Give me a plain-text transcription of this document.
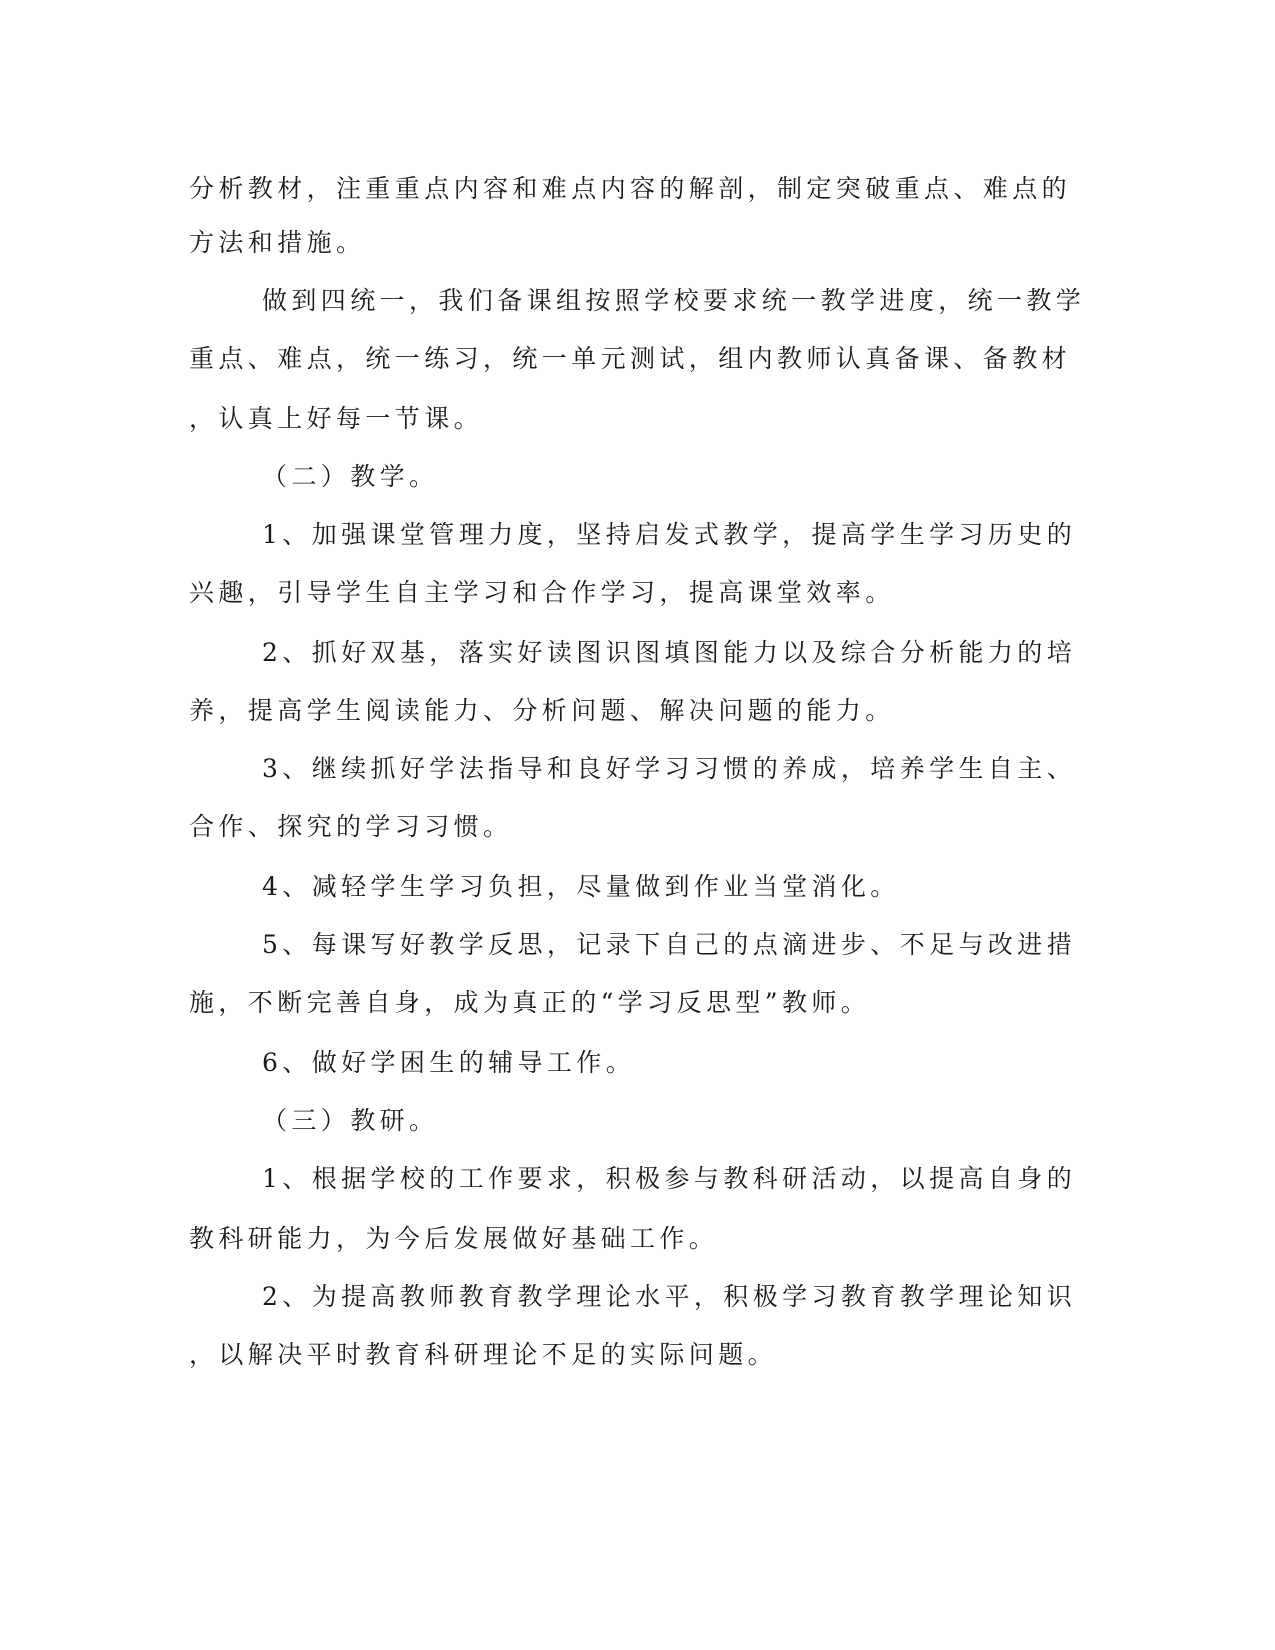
分析教材，注重重点内容和难点内容的解剖，制定突破重点、难点的
方法和措施。
做到四统一，我们备课组按照学校要求统一教学进度，统一教学
重点、难点，统一练习，统一单元测试，组内教师认真备课、备教材
，认真上好每一节课。
（二）教学。
1、加强课堂管理力度，坚持启发式教学，提高学生学习历史的
兴趣，引导学生自主学习和合作学习，提高课堂效率。
2、抓好双基，落实好读图识图填图能力以及综合分析能力的培
养，提高学生阅读能力、分析问题、解决问题的能力。
3、继续抓好学法指导和良好学习习惯的养成，培养学生自主、
合作、探究的学习习惯。
4、减轻学生学习负担，尽量做到作业当堂消化。
5、每课写好教学反思，记录下自己的点滴进步、不足与改进措
施，不断完善自身，成为真正的“学习反思型”教师。
6、做好学困生的辅导工作。
（三）教研。
1、根据学校的工作要求，积极参与教科研活动，以提高自身的
教科研能力，为今后发展做好基础工作。
2、为提高教师教育教学理论水平，积极学习教育教学理论知识
，以解决平时教育科研理论不足的实际问题。
